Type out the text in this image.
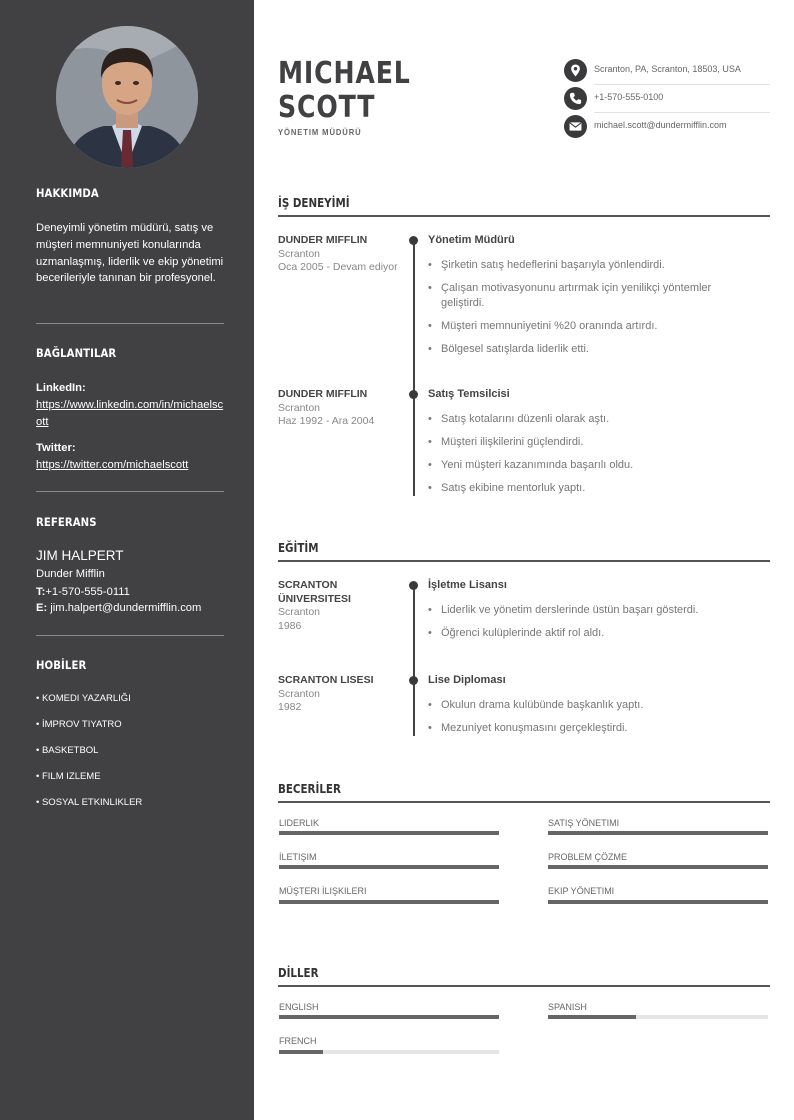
HAKKIMDA
Deneyimli yönetim müdürü, satış ve müşteri memnuniyeti konularında uzmanlaşmış, liderlik ve ekip yönetimi becerileriyle tanınan bir profesyonel.
BAĞLANTILAR
LinkedIn:
https://www.linkedin.com/in/michaelscott
Twitter:
https://twitter.com/michaelscott
REFERANS
JIM HALPERT
Dunder Mifflin
T:+1-570-555-0111
E: jim.halpert@dundermifflin.com
HOBİLER
• KOMEDI YAZARLIĞI
• İMPROV TIYATRO
• BASKETBOL
• FILM IZLEME
• SOSYAL ETKINLIKLER
MICHAEL
SCOTT
YÖNETIM MÜDÜRÜ
Scranton, PA, Scranton, 18503, USA
+1-570-555-0100
michael.scott@dundermifflin.com
İŞ DENEYİMİ
DUNDER MIFFLIN
Scranton
Oca 2005 - Devam ediyor
Yönetim Müdürü
• Şirketin satış hedeflerini başarıyla yönlendirdi.
• Çalışan motivasyonunu artırmak için yenilikçi yöntemler geliştirdi.
• Müşteri memnuniyetini %20 oranında artırdı.
• Bölgesel satışlarda liderlik etti.
DUNDER MIFFLIN
Scranton
Haz 1992 - Ara 2004
Satış Temsilcisi
• Satış kotalarını düzenli olarak aştı.
• Müşteri ilişkilerini güçlendirdi.
• Yeni müşteri kazanımında başarılı oldu.
• Satış ekibine mentorluk yaptı.
EĞİTİM
SCRANTON ÜNIVERSITESI
Scranton
1986
İşletme Lisansı
• Liderlik ve yönetim derslerinde üstün başarı gösterdi.
• Öğrenci kulüplerinde aktif rol aldı.
SCRANTON LISESI
Scranton
1982
Lise Diploması
• Okulun drama kulübünde başkanlık yaptı.
• Mezuniyet konuşmasını gerçekleştirdi.
BECERİLER
LIDERLIK	SATIŞ YÖNETIMI
İLETIŞIM	PROBLEM ÇÖZME
MÜŞTERI İLIŞKILERI	EKIP YÖNETIMI
DİLLER
ENGLISH	SPANISH
FRENCH
